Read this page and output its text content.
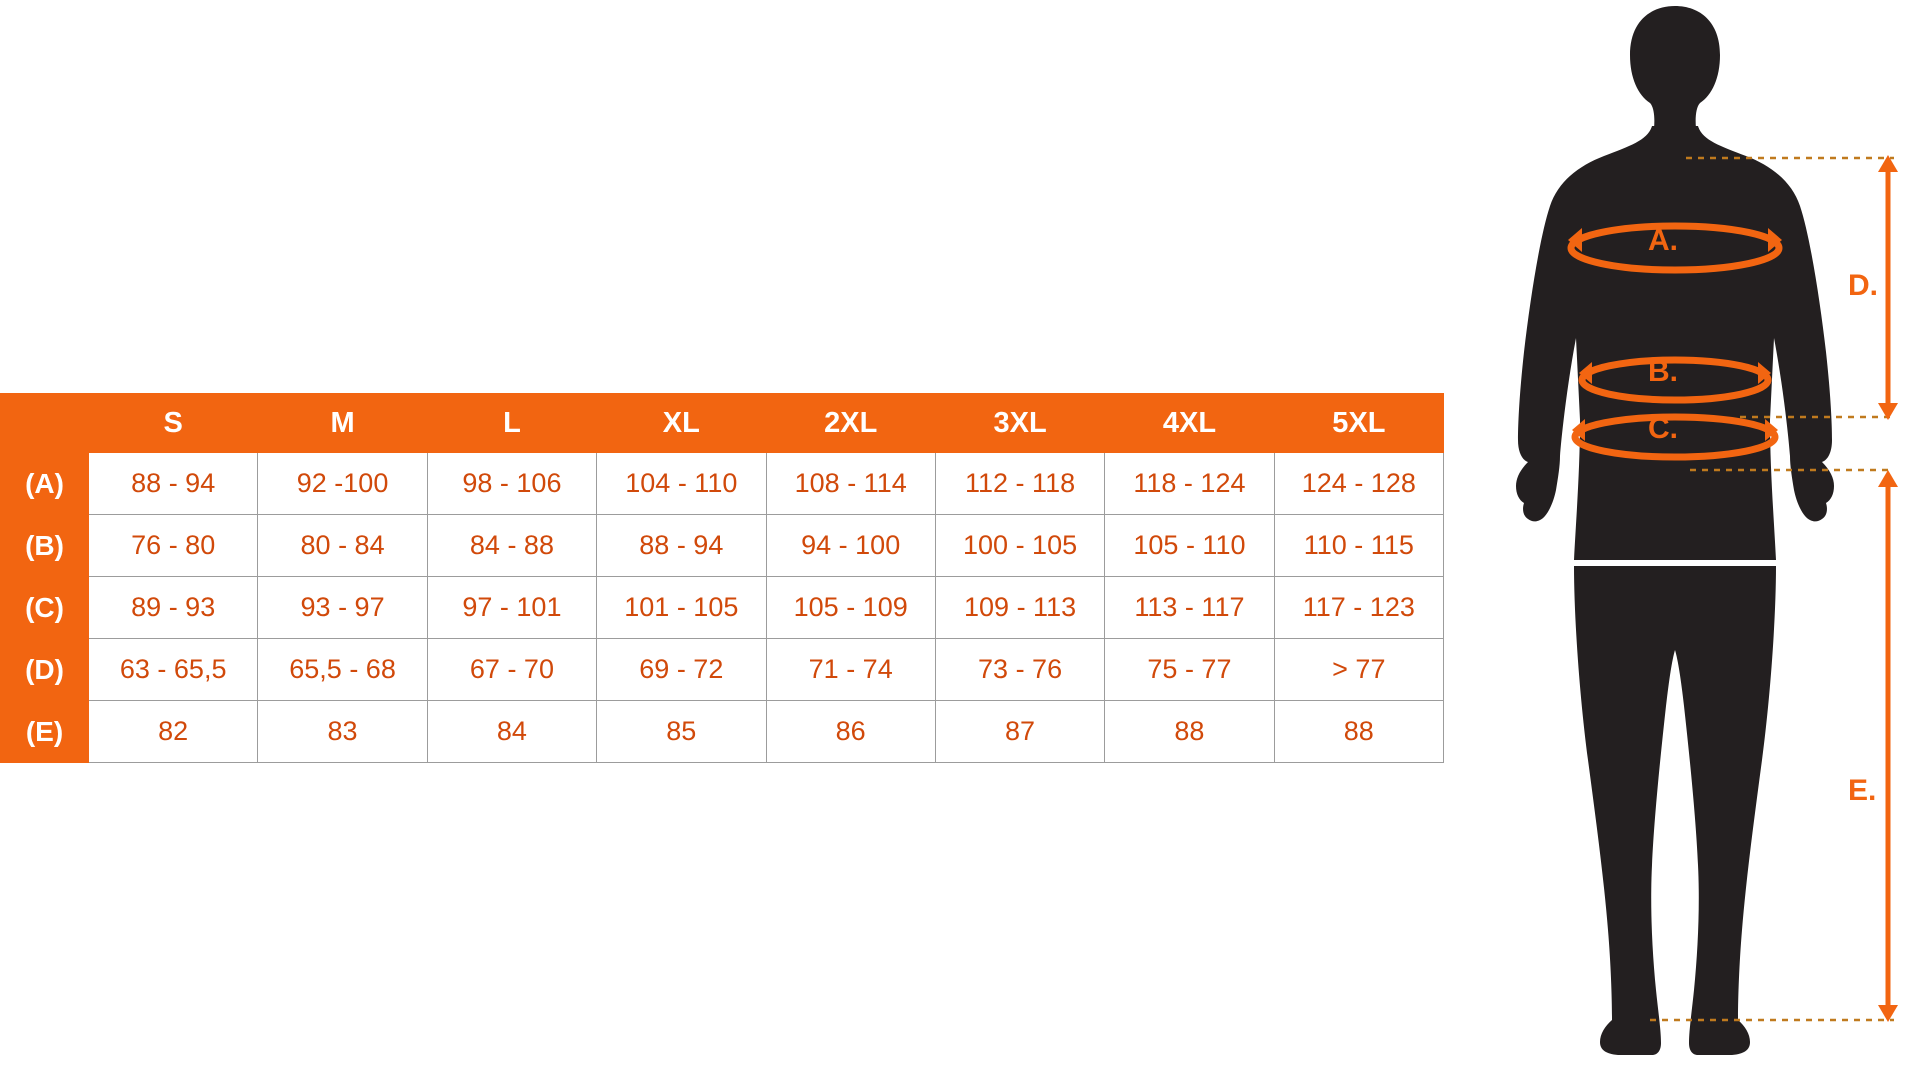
	S	M	L	XL	2XL	3XL	4XL	5XL
(A)	88 - 94	92 -100	98 - 106	104 - 110	108 - 114	112 - 118	118 - 124	124 - 128
(B)	76 - 80	80 - 84	84 - 88	88 - 94	94 - 100	100 - 105	105 - 110	110 - 115
(C)	89 - 93	93 - 97	97 - 101	101 - 105	105 - 109	109 - 113	113 - 117	117 - 123
(D)	63 - 65,5	65,5 - 68	67 - 70	69 - 72	71 - 74	73 - 76	75 - 77	> 77
(E)	82	83	84	85	86	87	88	88
A.
B.
C.
D.
E.
